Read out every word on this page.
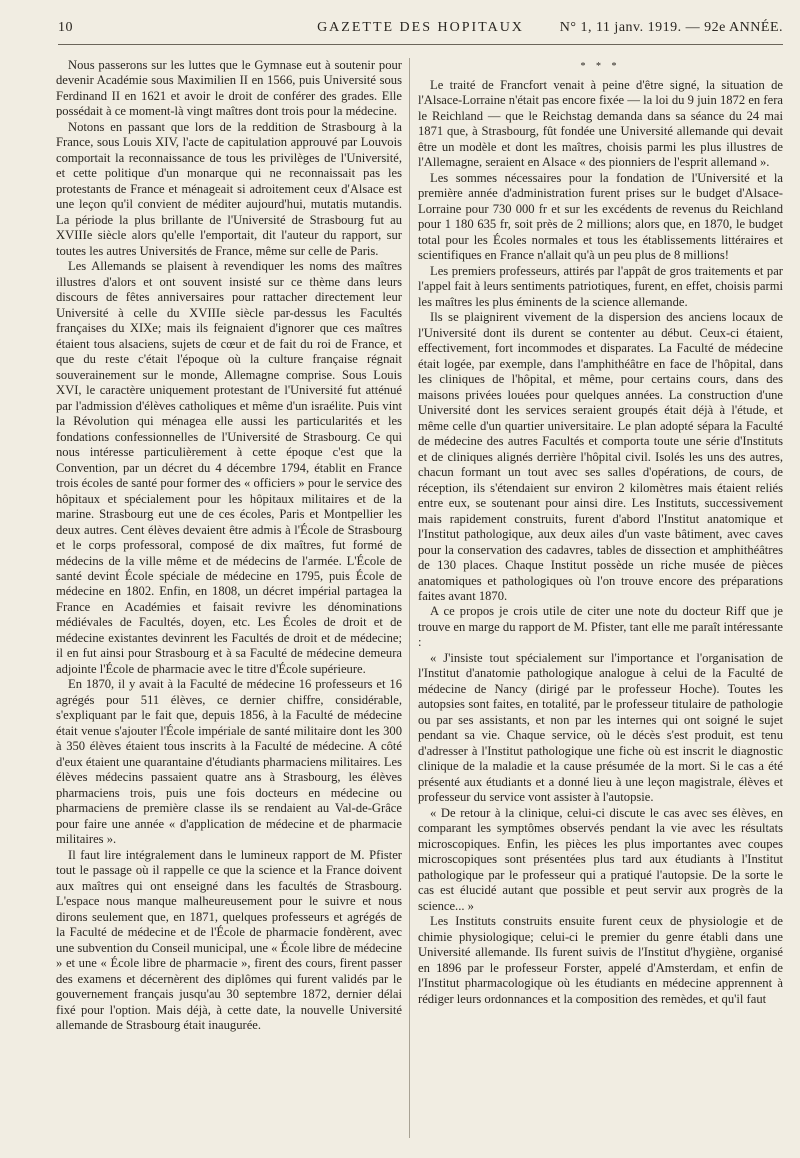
10	GAZETTE DES HOPITAUX	N° 1, 11 janv. 1919. — 92e ANNÉE.

Nous passerons sur les luttes que le Gymnase eut à soutenir pour devenir Académie sous Maximilien II en 1566, puis Université sous Ferdinand II en 1621 et avoir le droit de conférer des grades. Elle possédait à ce moment-là vingt maîtres dont trois pour la médecine.

Notons en passant que lors de la reddition de Strasbourg à la France, sous Louis XIV, l'acte de capitulation approuvé par Louvois comportait la reconnaissance de tous les privilèges de l'Université, et cette politique d'un monarque qui ne reconnaissait pas les protestants de France et ménageait si adroitement ceux d'Alsace est une leçon qu'il convient de méditer aujourd'hui, mutatis mutandis. La période la plus brillante de l'Université de Strasbourg fut au XVIIIe siècle alors qu'elle l'emportait, dit l'auteur du rapport, sur toutes les autres Universités de France, même sur celle de Paris.

Les Allemands se plaisent à revendiquer les noms des maîtres illustres d'alors et ont souvent insisté sur ce thème dans leurs discours de fêtes anniversaires pour rattacher directement leur Université à celle du XVIIIe siècle par-dessus les Facultés françaises du XIXe; mais ils feignaient d'ignorer que ces maîtres étaient tous alsaciens, sujets de cœur et de fait du roi de France, et que du reste c'était l'époque où la culture française régnait souverainement sur le monde, Allemagne comprise. Sous Louis XVI, le caractère uniquement protestant de l'Université fut atténué par l'admission d'élèves catholiques et même d'un israélite. Puis vint la Révolution qui ménagea elle aussi les particularités et les fondations confessionnelles de l'Université de Strasbourg. Ce qui nous intéresse particulièrement à cette époque c'est que la Convention, par un décret du 4 décembre 1794, établit en France trois écoles de santé pour former des « officiers » pour le service des hôpitaux et spécialement pour les hôpitaux militaires et de la marine. Strasbourg eut une de ces écoles, Paris et Montpellier les deux autres. Cent élèves devaient être admis à l'École de Strasbourg et le corps professoral, composé de dix maîtres, fut formé de médecins de la ville même et de médecins de l'armée. L'École de santé devint École spéciale de médecine en 1795, puis École de médecine en 1802. Enfin, en 1808, un décret impérial partagea la France en Académies et faisait revivre les dénominations médiévales de Facultés, doyen, etc. Les Écoles de droit et de médecine existantes devinrent les Facultés de droit et de médecine; il en fut ainsi pour Strasbourg et à sa Faculté de médecine demeura adjointe l'École de pharmacie avec le titre d'École supérieure.

En 1870, il y avait à la Faculté de médecine 16 professeurs et 16 agrégés pour 511 élèves, ce dernier chiffre, considérable, s'expliquant par le fait que, depuis 1856, à la Faculté de médecine était venue s'ajouter l'École impériale de santé militaire dont les 300 à 350 élèves étaient tous inscrits à la Faculté de médecine. A côté d'eux étaient une quarantaine d'étudiants pharmaciens militaires. Les élèves médecins passaient quatre ans à Strasbourg, les élèves pharmaciens trois, puis une fois docteurs en médecine ou pharmaciens de première classe ils se rendaient au Val-de-Grâce pour faire une année « d'application de médecine et de pharmacie militaires ».

Il faut lire intégralement dans le lumineux rapport de M. Pfister tout le passage où il rappelle ce que la science et la France doivent aux maîtres qui ont enseigné dans les facultés de Strasbourg. L'espace nous manque malheureusement pour le suivre et nous dirons seulement que, en 1871, quelques professeurs et agrégés de la Faculté de médecine et de l'École de pharmacie fondèrent, avec une subvention du Conseil municipal, une « École libre de médecine » et une « École libre de pharmacie », firent des cours, firent passer des examens et décernèrent des diplômes qui furent validés par le gouvernement français jusqu'au 30 septembre 1872, dernier délai fixé pour l'option. Mais déjà, à cette date, la nouvelle Université allemande de Strasbourg était inaugurée.

* * *

Le traité de Francfort venait à peine d'être signé, la situation de l'Alsace-Lorraine n'était pas encore fixée — la loi du 9 juin 1872 en fera le Reichland — que le Reichstag demanda dans sa séance du 24 mai 1871 que, à Strasbourg, fût fondée une Université allemande qui devait être un modèle et dont les maîtres, choisis parmi les plus illustres de l'Allemagne, seraient en Alsace « des pionniers de l'esprit allemand ».

Les sommes nécessaires pour la fondation de l'Université et la première année d'administration furent prises sur le budget d'Alsace-Lorraine pour 730 000 fr et sur les excédents de revenus du Reichland pour 1 180 635 fr, soit près de 2 millions; alors que, en 1870, le budget total pour les Écoles normales et tous les établissements littéraires et scientifiques en France n'allait qu'à un peu plus de 8 millions!

Les premiers professeurs, attirés par l'appât de gros traitements et par l'appel fait à leurs sentiments patriotiques, furent, en effet, choisis parmi les maîtres les plus éminents de la science allemande.

Ils se plaignirent vivement de la dispersion des anciens locaux de l'Université dont ils durent se contenter au début. Ceux-ci étaient, effectivement, fort incommodes et disparates. La Faculté de médecine était logée, par exemple, dans l'amphithéâtre en face de l'hôpital, dans les cliniques de l'hôpital, et même, pour certains cours, dans des maisons privées louées pour quelques années. La construction d'une Université dont les services seraient groupés était déjà à l'étude, et même celle d'un quartier universitaire. Le plan adopté sépara la Faculté de médecine des autres Facultés et comporta toute une série d'Instituts et de cliniques alignés derrière l'hôpital civil. Isolés les uns des autres, chacun formant un tout avec ses salles d'opérations, de cours, de réception, ils s'étendaient sur environ 2 kilomètres mais étaient reliés entre eux, se soutenant pour ainsi dire. Les Instituts, successivement mais rapidement construits, furent d'abord l'Institut anatomique et l'Institut pathologique, aux deux ailes d'un vaste bâtiment, avec caves pour la conservation des cadavres, tables de dissection et amphithéâtres de 130 places. Chaque Institut possède un riche musée de pièces anatomiques et pathologiques où l'on trouve encore des préparations faites avant 1870.

A ce propos je crois utile de citer une note du docteur Riff que je trouve en marge du rapport de M. Pfister, tant elle me paraît intéressante :

« J'insiste tout spécialement sur l'importance et l'organisation de l'Institut d'anatomie pathologique analogue à celui de la Faculté de médecine de Nancy (dirigé par le professeur Hoche). Toutes les autopsies sont faites, en totalité, par le professeur titulaire de pathologie ou par ses assistants, et non par les internes qui ont soigné le sujet pendant sa vie. Chaque service, où le décès s'est produit, est tenu d'adresser à l'Institut pathologique une fiche où est inscrit le diagnostic clinique de la maladie et la cause présumée de la mort. Si le cas a été présenté aux étudiants et a donné lieu à une leçon magistrale, élèves et professeur du service vont assister à l'autopsie.

« De retour à la clinique, celui-ci discute le cas avec ses élèves, en comparant les symptômes observés pendant la vie avec les résultats microscopiques. Enfin, les pièces les plus importantes avec coupes microscopiques sont présentées plus tard aux étudiants à l'Institut pathologique par le professeur qui a pratiqué l'autopsie. De la sorte le cas est élucidé autant que possible et peut servir aux progrès de la science... »

Les Instituts construits ensuite furent ceux de physiologie et de chimie physiologique; celui-ci le premier du genre établi dans une Université allemande. Ils furent suivis de l'Institut d'hygiène, organisé en 1896 par le professeur Forster, appelé d'Amsterdam, et enfin de l'Institut pharmacologique où les étudiants en médecine apprennent à rédiger leurs ordonnances et la composition des remèdes, et qu'il faut
